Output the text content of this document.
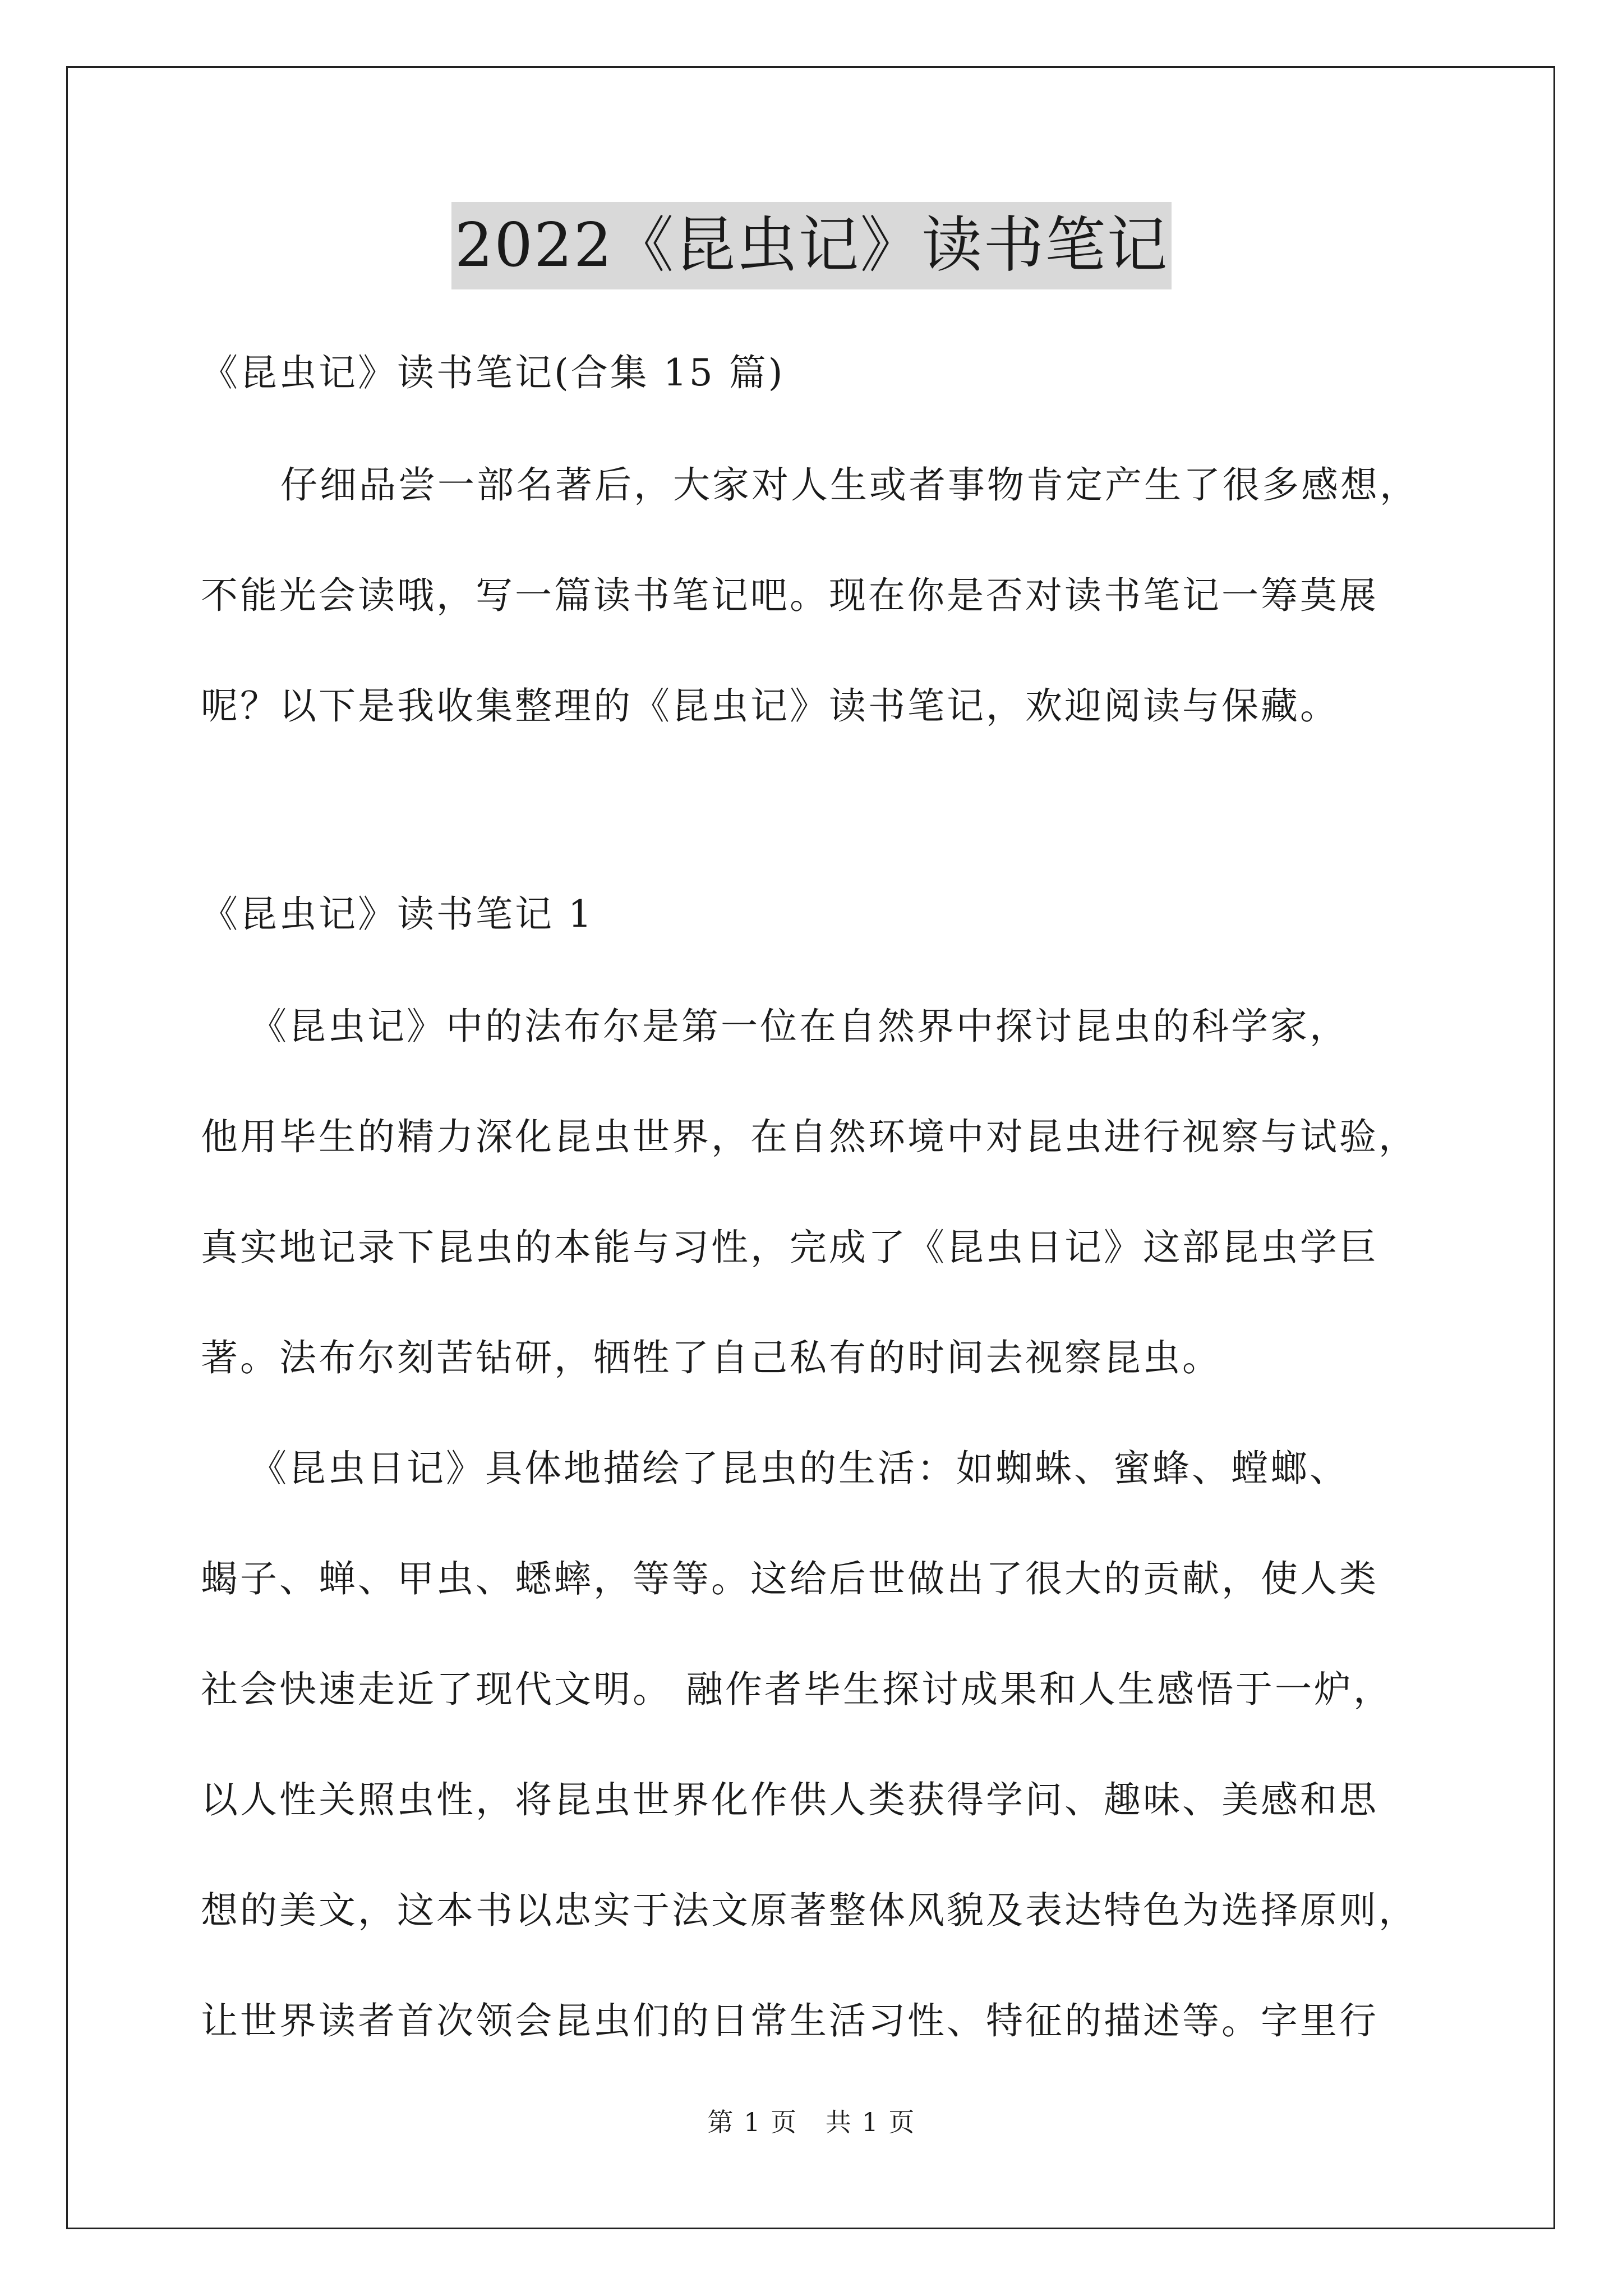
2022《昆虫记》读书笔记
《昆虫记》读书笔记(合集 15 篇)
仔细品尝一部名著后，大家对人生或者事物肯定产生了很多感想，
不能光会读哦，写一篇读书笔记吧。现在你是否对读书笔记一筹莫展
呢？以下是我收集整理的《昆虫记》读书笔记，欢迎阅读与保藏。
《昆虫记》读书笔记 1
《昆虫记》中的法布尔是第一位在自然界中探讨昆虫的科学家，
他用毕生的精力深化昆虫世界，在自然环境中对昆虫进行视察与试验，
真实地记录下昆虫的本能与习性，完成了《昆虫日记》这部昆虫学巨
著。法布尔刻苦钻研，牺牲了自己私有的时间去视察昆虫。
《昆虫日记》具体地描绘了昆虫的生活：如蜘蛛、蜜蜂、螳螂、
蝎子、蝉、甲虫、蟋蟀，等等。这给后世做出了很大的贡献，使人类
社会快速走近了现代文明。 融作者毕生探讨成果和人生感悟于一炉，
以人性关照虫性，将昆虫世界化作供人类获得学问、趣味、美感和思
想的美文，这本书以忠实于法文原著整体风貌及表达特色为选择原则，
让世界读者首次领会昆虫们的日常生活习性、特征的描述等。字里行
第 1 页   共 1 页
